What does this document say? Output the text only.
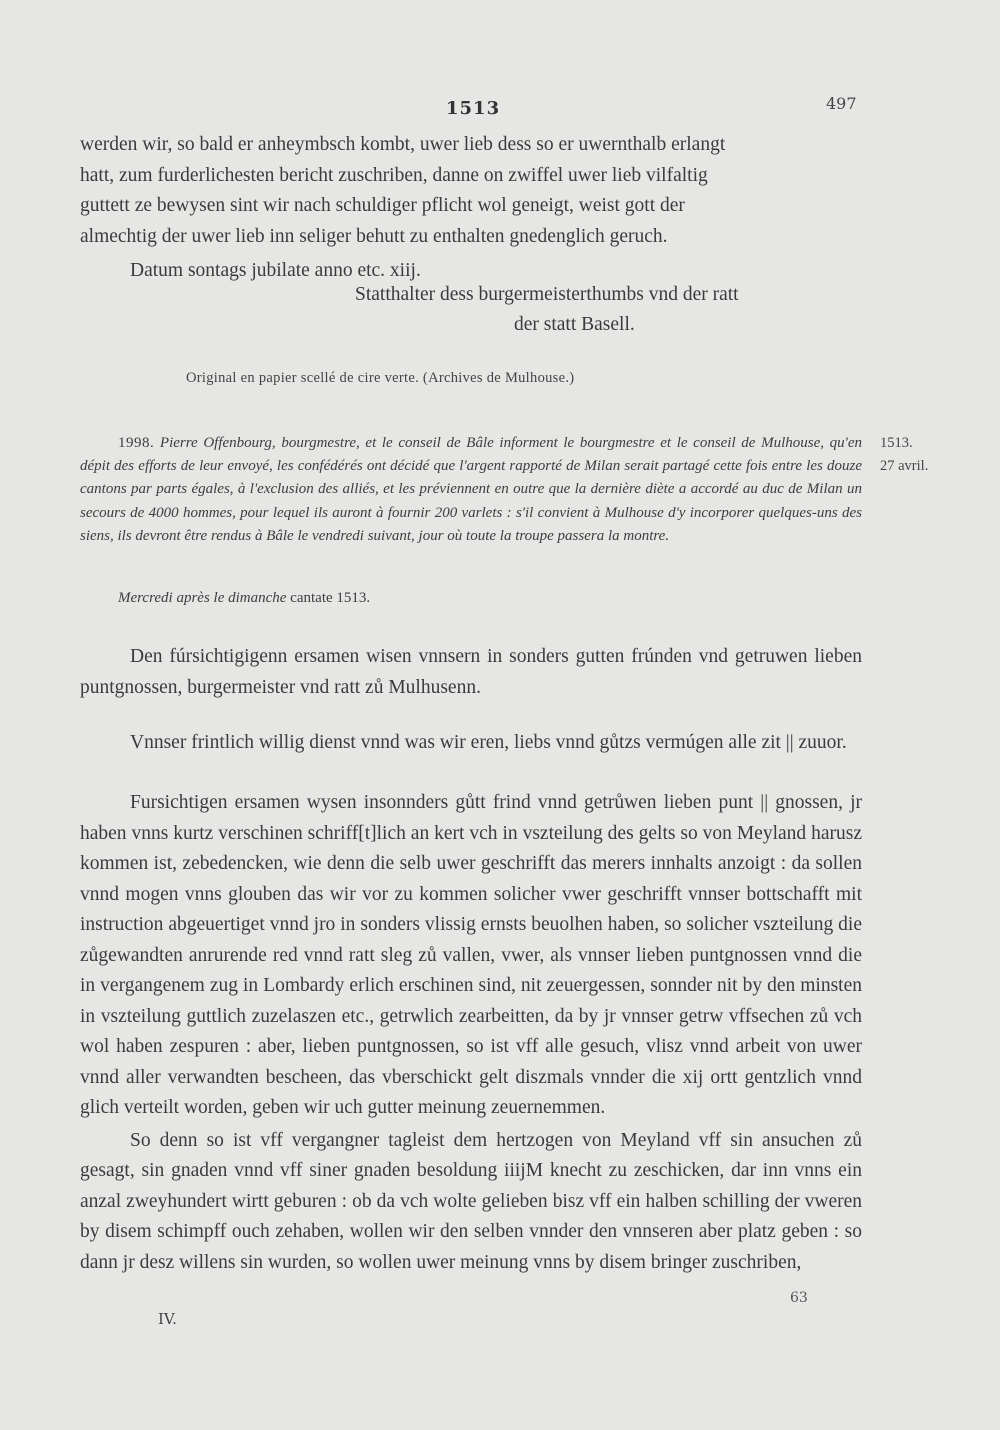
1513	497

werden wir, so bald er anheymbsch kombt, uwer lieb dess so er uwernthalb erlangt

hatt, zum furderlichesten bericht zuschriben, danne on zwiffel uwer lieb vilfaltig

guttett ze bewysen sint wir nach schuldiger pflicht wol geneigt, weist gott der

almechtig der uwer lieb inn seliger behutt zu enthalten gnedenglich geruch.

Datum sontags jubilate anno etc. xiij.

Statthalter dess burgermeisterthumbs vnd der ratt
der statt Basell.
Original en papier scellé de cire verte. (Archives de Mulhouse.)
1998. Pierre Offenbourg, bourgmestre, et le conseil de Bâle informent le bourgmestre et le conseil de Mulhouse, qu'en dépit des efforts de leur envoyé, les confédérés ont décidé que l'argent rapporté de Milan serait partagé cette fois entre les douze cantons par parts égales, à l'exclusion des alliés, et les préviennent en outre que la dernière diète a accordé au duc de Milan un secours de 4000 hommes, pour lequel ils auront à fournir 200 varlets : s'il convient à Mulhouse d'y incorporer quelques-uns des siens, ils devront être rendus à Bâle le vendredi suivant, jour où toute la troupe passera la montre.
Mercredi après le dimanche cantate 1513.
1513.
27 avril.

Den fúrsichtigigenn ersamen wisen vnnsern in sonders gutten frúnden vnd getruwen lieben puntgnossen, burgermeister vnd ratt zů Mulhusenn.

Vnnser frintlich willig dienst vnnd was wir eren, liebs vnnd gůtzs vermúgen alle zit || zuuor.

Fursichtigen ersamen wysen insonnders gůtt frind vnnd getrůwen lieben punt || gnossen, jr haben vnns kurtz verschinen schriff[t]lich an kert vch in vszteilung des gelts so von Meyland harusz kommen ist, zebedencken, wie denn die selb uwer geschrifft das merers innhalts anzoigt : da sollen vnnd mogen vnns glouben das wir vor zu kommen solicher vwer geschrifft vnnser bottschafft mit instruction abgeuertiget vnnd jro in sonders vlissig ernsts beuolhen haben, so solicher vszteilung die zůgewandten anrurende red vnnd ratt sleg zů vallen, vwer, als vnnser lieben puntgnossen vnnd die in vergangenem zug in Lombardy erlich erschinen sind, nit zeuergessen, sonnder nit by den minsten in vszteilung guttlich zuzelaszen etc., getrwlich zearbeitten, da by jr vnnser getrw vffsechen zů vch wol haben zespuren : aber, lieben puntgnossen, so ist vff alle gesuch, vlisz vnnd arbeit von uwer vnnd aller verwandten bescheen, das vberschickt gelt diszmals vnnder die xij ortt gentzlich vnnd glich verteilt worden, geben wir uch gutter meinung zeuernemmen.

So denn so ist vff vergangner tagleist dem hertzogen von Meyland vff sin ansuchen zů gesagt, sin gnaden vnnd vff siner gnaden besoldung iiijM knecht zu zeschicken, dar inn vnns ein anzal zweyhundert wirtt geburen : ob da vch wolte gelieben bisz vff ein halben schilling der vweren by disem schimpff ouch zehaben, wollen wir den selben vnnder den vnnseren aber platz geben : so dann jr desz willens sin wurden, so wollen uwer meinung vnns by disem bringer zuschriben,

IV.
63
